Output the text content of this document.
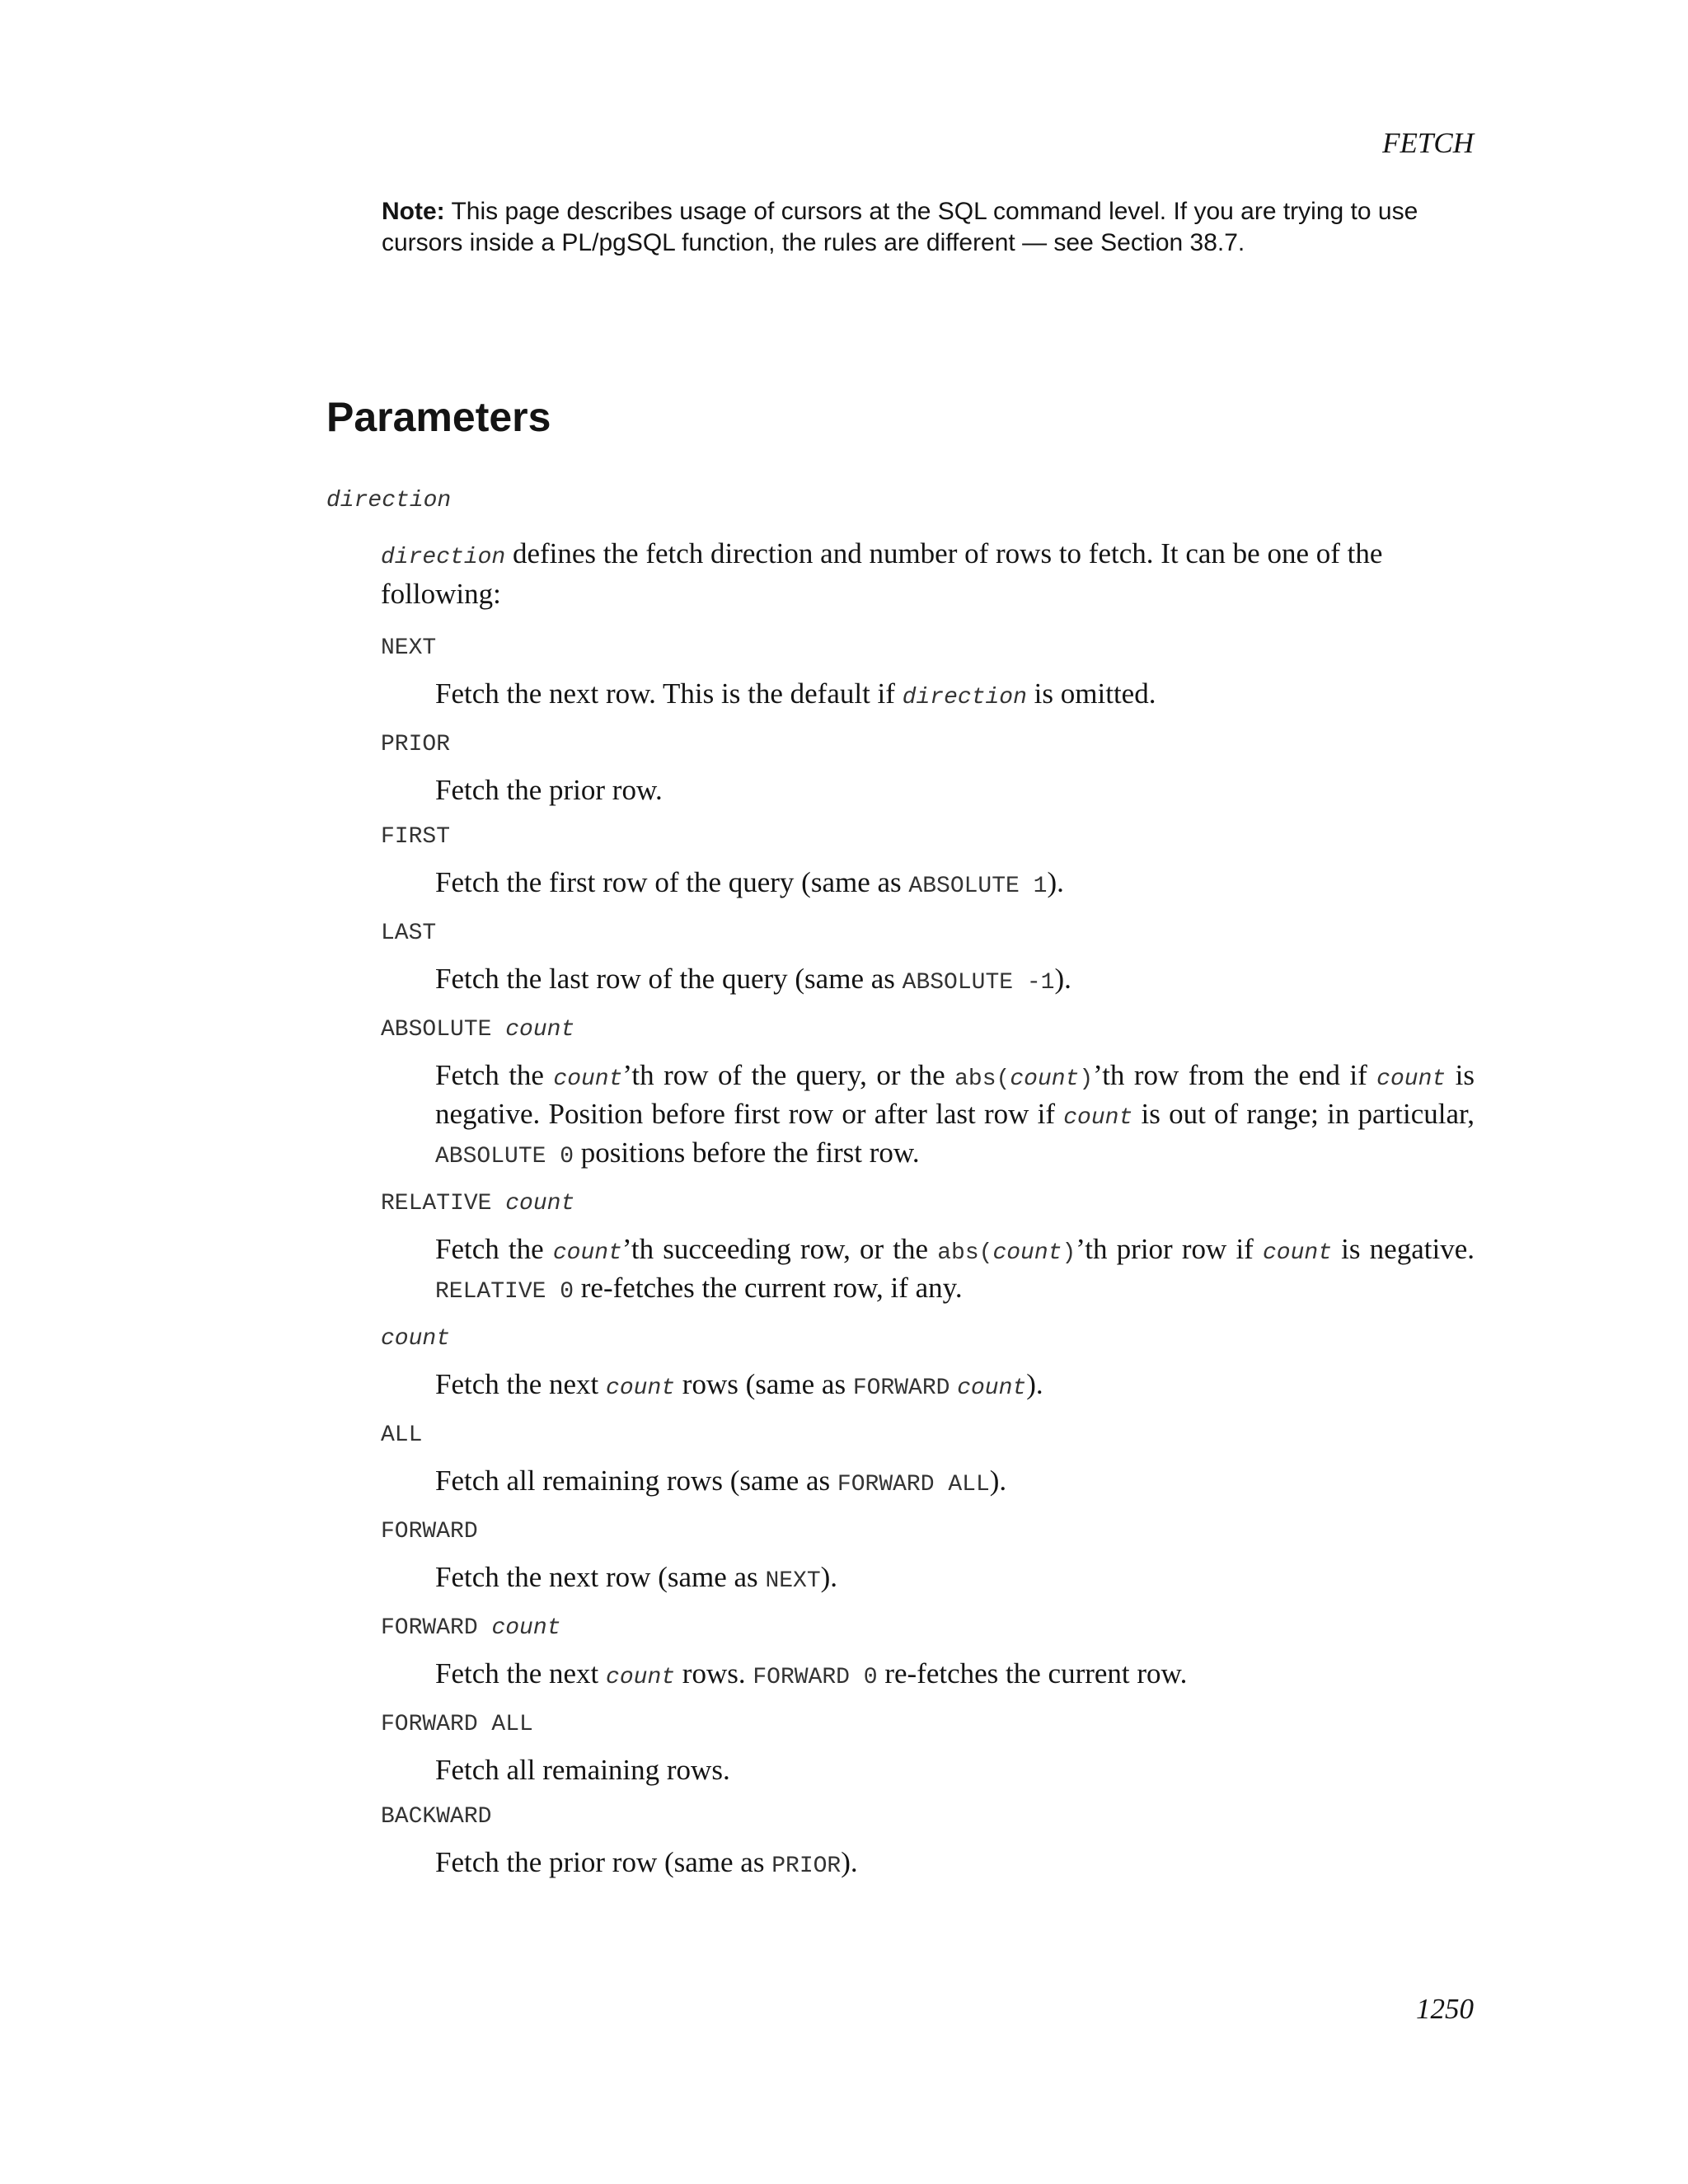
FETCH
Note: This page describes usage of cursors at the SQL command level. If you are trying to use cursors inside a PL/pgSQL function, the rules are different — see Section 38.7.
Parameters
direction
direction defines the fetch direction and number of rows to fetch. It can be one of the following:
NEXT
Fetch the next row. This is the default if direction is omitted.
PRIOR
Fetch the prior row.
FIRST
Fetch the first row of the query (same as ABSOLUTE 1).
LAST
Fetch the last row of the query (same as ABSOLUTE -1).
ABSOLUTE count
Fetch the count’th row of the query, or the abs(count)’th row from the end if count is negative. Position before first row or after last row if count is out of range; in particular, ABSOLUTE 0 positions before the first row.
RELATIVE count
Fetch the count’th succeeding row, or the abs(count)’th prior row if count is negative. RELATIVE 0 re-fetches the current row, if any.
count
Fetch the next count rows (same as FORWARD count).
ALL
Fetch all remaining rows (same as FORWARD ALL).
FORWARD
Fetch the next row (same as NEXT).
FORWARD count
Fetch the next count rows. FORWARD 0 re-fetches the current row.
FORWARD ALL
Fetch all remaining rows.
BACKWARD
Fetch the prior row (same as PRIOR).
1250
